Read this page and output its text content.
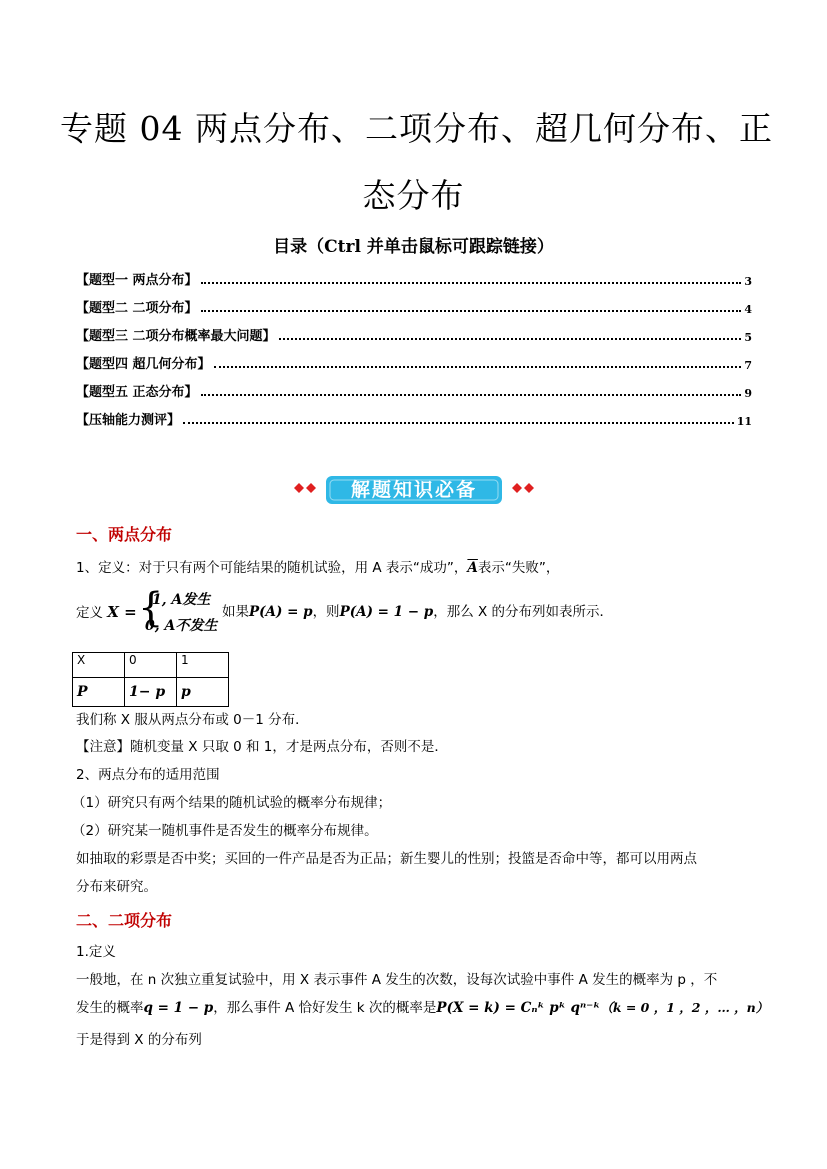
专题 04 两点分布、二项分布、超几何分布、正
态分布
目录（Ctrl 并单击鼠标可跟踪链接）
【题型一 两点分布】	3
【题型二 二项分布】	4
【题型三 二项分布概率最大问题】	5
【题型四 超几何分布】	7
【题型五 正态分布】	9
【压轴能力测评】	11
解题知识必备
一、两点分布
1、定义：对于只有两个可能结果的随机试验，用 A 表示“成功”，$\overline{A}$表示“失败”，
定义 X = {
1, A发生
0, A不发生
如果P(A) = p，则P(A) = 1 − p，那么 X 的分布列如表所示．
X	0	1
P	1− p	p
我们称 X 服从两点分布或 0－1 分布．
【注意】随机变量 X 只取 0 和 1，才是两点分布，否则不是．
2、两点分布的适用范围
（1）研究只有两个结果的随机试验的概率分布规律；
（2）研究某一随机事件是否发生的概率分布规律。
如抽取的彩票是否中奖；买回的一件产品是否为正品；新生婴儿的性别；投篮是否命中等，都可以用两点
分布来研究。
二、二项分布
1.定义
一般地，在 n 次独立重复试验中，用 X 表示事件 A 发生的次数，设每次试验中事件 A 发生的概率为 p ，不
发生的概率q = 1 − p，那么事件 A 恰好发生 k 次的概率是P(X = k) = Cₙᵏ pᵏ qⁿ⁻ᵏ（k = 0 ，1 ，2 ，… ，n）
于是得到 X 的分布列
